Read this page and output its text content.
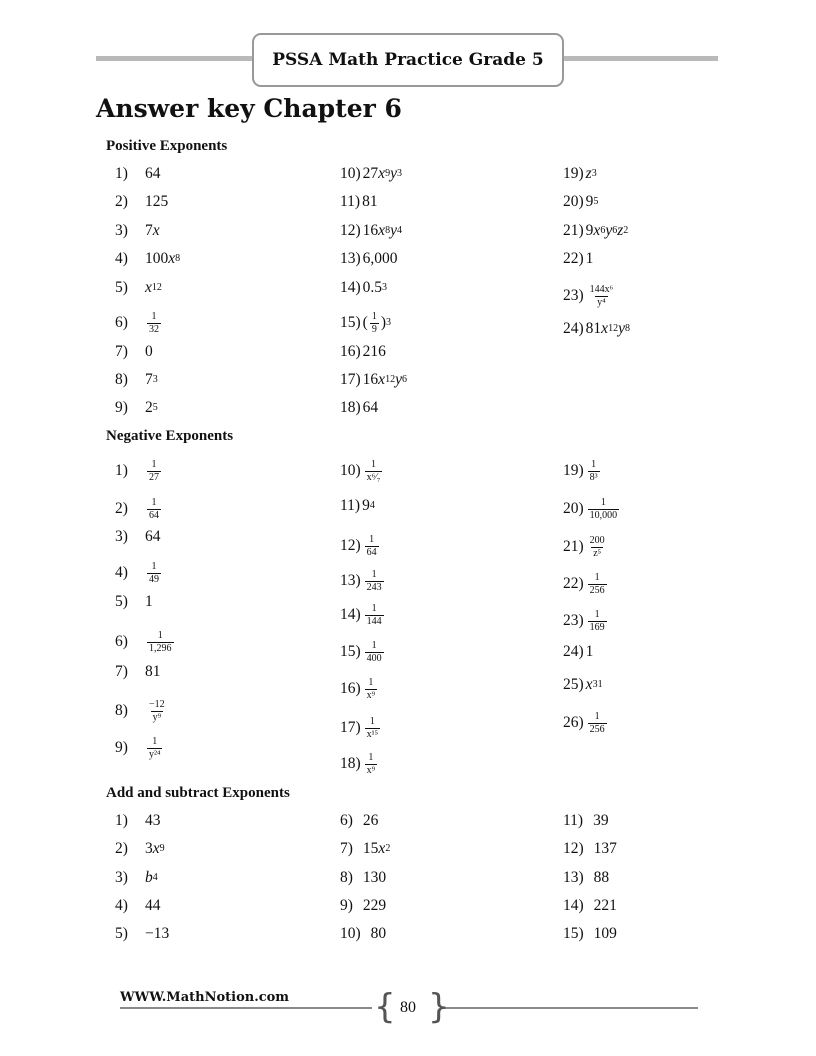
PSSA Math Practice Grade 5
Answer key Chapter 6
Positive Exponents
1)	64
2)	125
3)	7 x
4)	100 x 8
5)	x 12
6)	$\frac{1}{32}$
7)	0
8)	7 3
9)	2 5
10) 27 x 9 y 3
11) 81
12) 16 x 8 y 4
13) 6,000
14) 0.5 3
15) ( $\frac{1}{9}$ ) 3
16) 216
17) 16 x 12 y 6
18) 64
19) z 3
20) 9 5
21) 9 x 6 y 6 z 2
22) 1
$23) \frac{\text{144x⁶}}{\text{y⁴}}$
24) 81 x 12 y 8
Negative Exponents
1)	$\frac{1}{27}$
2)	$\frac{1}{64}$
3)	64
4)	$\frac{1}{49}$
5)	1
6)	$\frac{1}{1,296}$
7)	81
8)	$\frac{-12}{\text{y⁹}}$
9)	$\frac{1}{\text{y²⁴}}$
$10) \frac{1}{\text{x⁶⁄₇}}$
11) 9 4
$12) \frac{1}{64}$
$13) \frac{1}{243}$
$14) \frac{1}{144}$
$15) \frac{1}{400}$
$16) \frac{1}{\text{x⁹}}$
$17) \frac{1}{\text{x¹⁵}}$
$18) \frac{1}{\text{x⁹}}$
$19) \frac{1}{\text{8³}}$
$20) \frac{1}{10,000}$
$21) \frac{200}{\text{z⁵}}$
$22) \frac{1}{256}$
$23) \frac{1}{169}$
24) 1
25) x 31
$26) \frac{1}{256}$
Add and subtract Exponents
1)	43
2)	3 x 9
3)	b 4
4)	44
5)	−13
6) 26
7) 15 x 2
8) 130
9) 229
10) 80
11) 39
12) 137
13) 88
14) 221
15) 109
WWW.MathNotion.com { }
80
